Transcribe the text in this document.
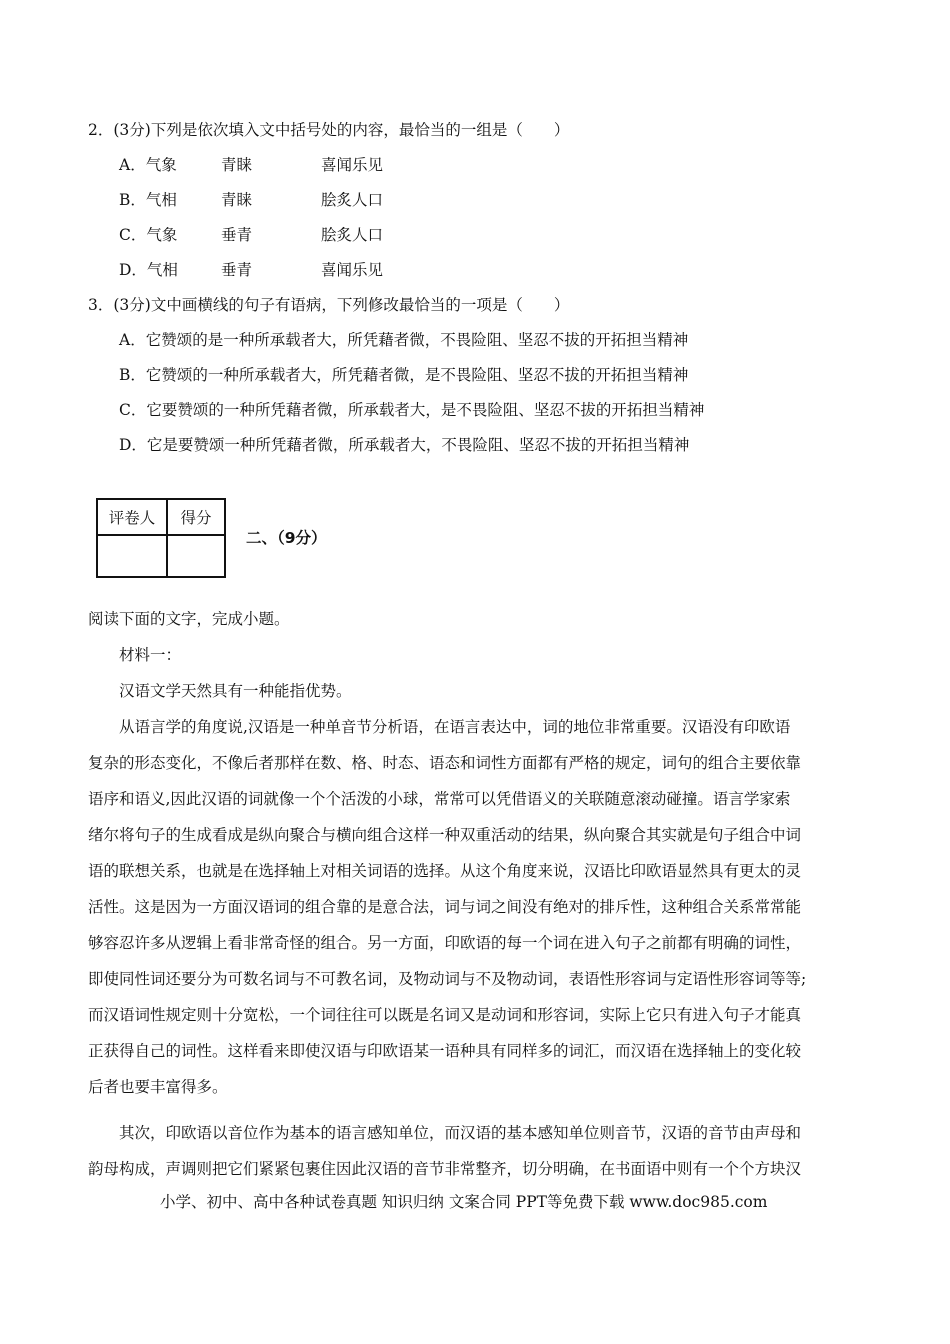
2．(3分)下列是依次填入文中括号处的内容，最恰当的一组是（　　）
A．气象	青睐	喜闻乐见
B．气相	青睐	脍炙人口
C．气象	垂青	脍炙人口
D．气相	垂青	喜闻乐见
3．(3分)文中画横线的句子有语病，下列修改最恰当的一项是（　　）
A．它赞颂的是一种所承载者大，所凭藉者微，不畏险阻、坚忍不拔的开拓担当精神
B．它赞颂的一种所承载者大，所凭藉者微，是不畏险阻、坚忍不拔的开拓担当精神
C．它要赞颂的一种所凭藉者微，所承载者大，是不畏险阻、坚忍不拔的开拓担当精神
D．它是要赞颂一种所凭藉者微，所承载者大，不畏险阻、坚忍不拔的开拓担当精神
评卷人	得分

二、（9分）
阅读下面的文字，完成小题。
材料一：
汉语文学天然具有一种能指优势。
从语言学的角度说,汉语是一种单音节分析语，在语言表达中，词的地位非常重要。汉语没有印欧语
复杂的形态变化，不像后者那样在数、格、时态、语态和词性方面都有严格的规定，词句的组合主要依靠
语序和语义,因此汉语的词就像一个个活泼的小球，常常可以凭借语义的关联随意滚动碰撞。语言学家索
绪尔将句子的生成看成是纵向聚合与横向组合这样一种双重活动的结果，纵向聚合其实就是句子组合中词
语的联想关系，也就是在选择轴上对相关词语的选择。从这个角度来说，汉语比印欧语显然具有更太的灵
活性。这是因为一方面汉语词的组合靠的是意合法，词与词之间没有绝对的排斥性，这种组合关系常常能
够容忍许多从逻辑上看非常奇怪的组合。另一方面，印欧语的每一个词在进入句子之前都有明确的词性，
即使同性词还要分为可数名词与不可教名词，及物动词与不及物动词，表语性形容词与定语性形容词等等;
而汉语词性规定则十分宽松，一个词往往可以既是名词又是动词和形容词，实际上它只有进入句子才能真
正获得自己的词性。这样看来即使汉语与印欧语某一语种具有同样多的词汇，而汉语在选择轴上的变化较
后者也要丰富得多。
其次，印欧语以音位作为基本的语言感知单位，而汉语的基本感知单位则音节，汉语的音节由声母和
韵母构成，声调则把它们紧紧包裹住因此汉语的音节非常整齐，切分明确，在书面语中则有一个个方块汉
小学、初中、高中各种试卷真题 知识归纳 文案合同 PPT等免费下载 www.doc985.com
